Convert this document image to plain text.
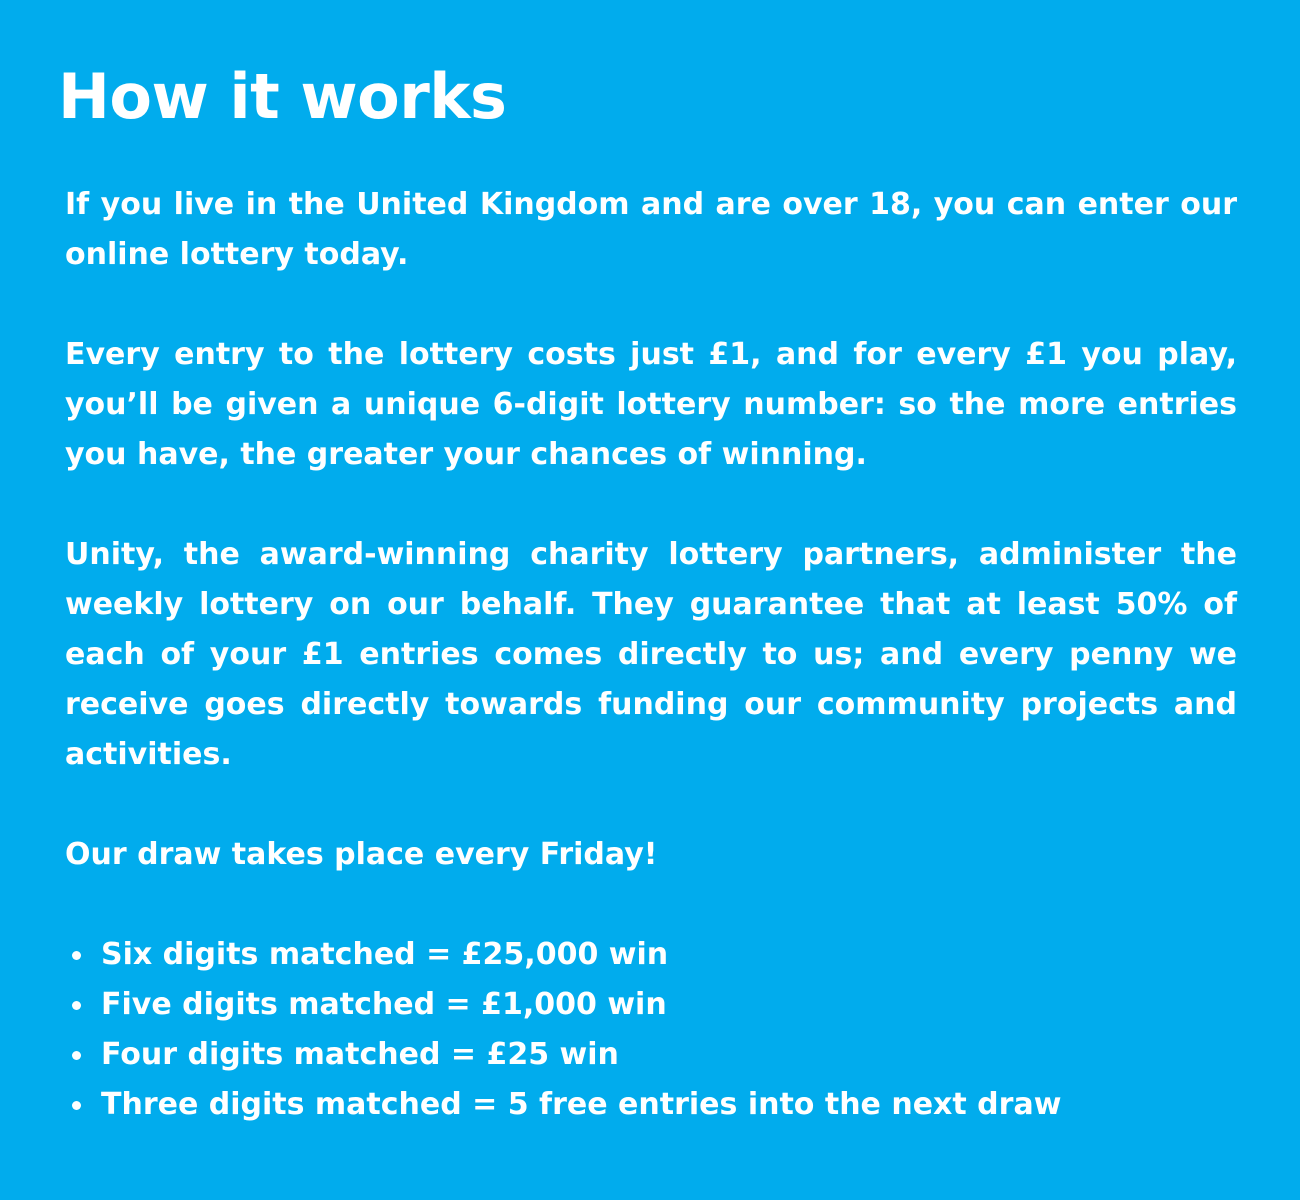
How it works

If you live in the United Kingdom and are over 18, you can enter our online lottery today.

Every entry to the lottery costs just £1, and for every £1 you play, you’ll be given a unique 6-digit lottery number: so the more entries you have, the greater your chances of winning.

Unity, the award-winning charity lottery partners, administer the weekly lottery on our behalf. They guarantee that at least 50% of each of your £1 entries comes directly to us; and every penny we receive goes directly towards funding our community projects and activities.

Our draw takes place every Friday!

Six digits matched = £25,000 win
Five digits matched = £1,000 win
Four digits matched = £25 win
Three digits matched = 5 free entries into the next draw
